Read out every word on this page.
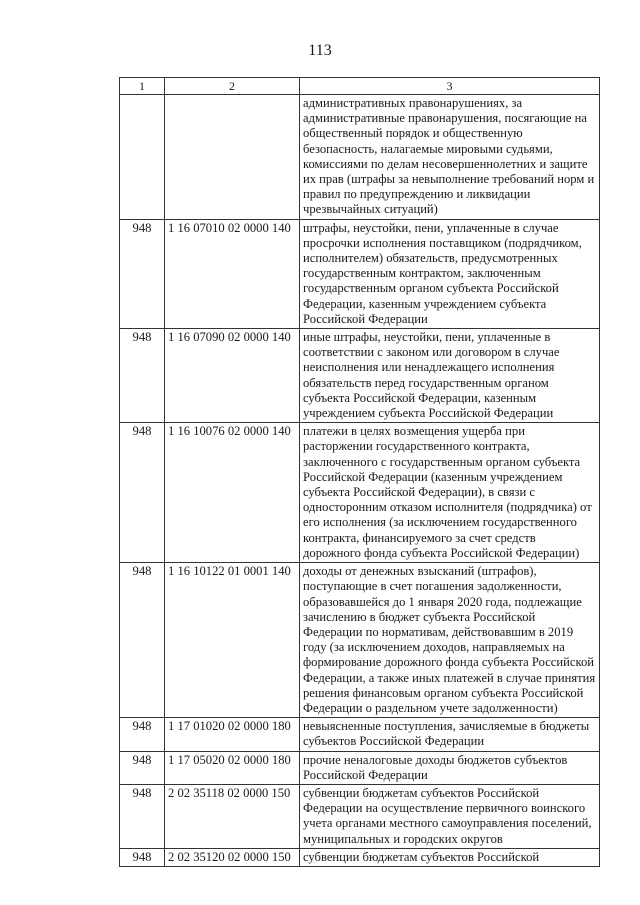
113
1	2	3
		административных правонарушениях, за административные правонарушения, посягающие на общественный порядок и общественную безопасность, налагаемые мировыми судьями, комиссиями по делам несовершеннолетних и защите их прав (штрафы за невыполнение требований норм и правил по предупреждению и ликвидации чрезвычайных ситуаций)
948	1 16 07010 02 0000 140	штрафы, неустойки, пени, уплаченные в случае просрочки исполнения поставщиком (подрядчиком, исполнителем) обязательств, предусмотренных государственным контрактом, заключенным государственным органом субъекта Российской Федерации, казенным учреждением субъекта Российской Федерации
948	1 16 07090 02 0000 140	иные штрафы, неустойки, пени, уплаченные в соответствии с законом или договором в случае неисполнения или ненадлежащего исполнения обязательств перед государственным органом субъекта Российской Федерации, казенным учреждением субъекта Российской Федерации
948	1 16 10076 02 0000 140	платежи в целях возмещения ущерба при расторжении государственного контракта, заключенного с государственным органом субъекта Российской Федерации (казенным учреждением субъекта Российской Федерации), в связи с односторонним отказом исполнителя (подрядчика) от его исполнения (за исключением государственного контракта, финансируемого за счет средств дорожного фонда субъекта Российской Федерации)
948	1 16 10122 01 0001 140	доходы от денежных взысканий (штрафов), поступающие в счет погашения задолженности, образовавшейся до 1 января 2020 года, подлежащие зачислению в бюджет субъекта Российской Федерации по нормативам, действовавшим в 2019 году (за исключением доходов, направляемых на формирование дорожного фонда субъекта Российской Федерации, а также иных платежей в случае принятия решения финансовым органом субъекта Российской Федерации о раздельном учете задолженности)
948	1 17 01020 02 0000 180	невыясненные поступления, зачисляемые в бюджеты субъектов Российской Федерации
948	1 17 05020 02 0000 180	прочие неналоговые доходы бюджетов субъектов Российской Федерации
948	2 02 35118 02 0000 150	субвенции бюджетам субъектов Российской Федерации на осуществление первичного воинского учета органами местного самоуправления поселений, муниципальных и городских округов
948	2 02 35120 02 0000 150	субвенции бюджетам субъектов Российской
